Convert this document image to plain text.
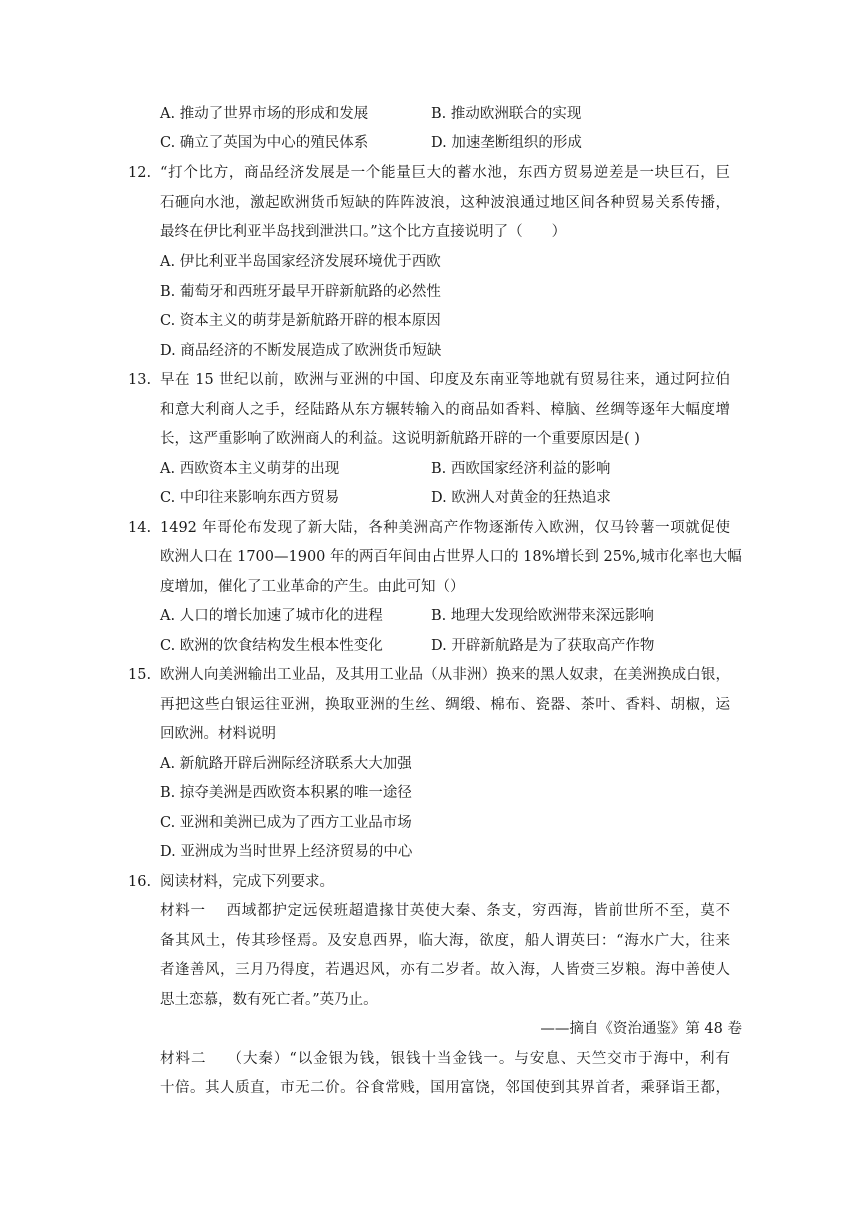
A. 推动了世界市场的形成和发展	B. 推动欧洲联合的实现
C. 确立了英国为中心的殖民体系	D. 加速垄断组织的形成
12. “打个比方，商品经济发展是一个能量巨大的蓄水池，东西方贸易逆差是一块巨石，巨
石砸向水池，激起欧洲货币短缺的阵阵波浪，这种波浪通过地区间各种贸易关系传播，
最终在伊比利亚半岛找到泄洪口。”这个比方直接说明了（　　）
A. 伊比利亚半岛国家经济发展环境优于西欧
B. 葡萄牙和西班牙最早开辟新航路的必然性
C. 资本主义的萌芽是新航路开辟的根本原因
D. 商品经济的不断发展造成了欧洲货币短缺
13. 早在 15 世纪以前，欧洲与亚洲的中国、印度及东南亚等地就有贸易往来，通过阿拉伯
和意大利商人之手，经陆路从东方辗转输入的商品如香料、樟脑、丝绸等逐年大幅度增
长，这严重影响了欧洲商人的利益。这说明新航路开辟的一个重要原因是( )
A. 西欧资本主义萌芽的出现	B. 西欧国家经济利益的影响
C. 中印往来影响东西方贸易	D. 欧洲人对黄金的狂热追求
14. 1492 年哥伦布发现了新大陆，各种美洲高产作物逐渐传入欧洲，仅马铃薯一项就促使
欧洲人口在 1700—1900 年的两百年间由占世界人口的 18%增长到 25%,城市化率也大幅
度增加，催化了工业革命的产生。由此可知（）
A. 人口的增长加速了城市化的进程	B. 地理大发现给欧洲带来深远影响
C. 欧洲的饮食结构发生根本性变化	D. 开辟新航路是为了获取高产作物
15. 欧洲人向美洲输出工业品，及其用工业品（从非洲）换来的黑人奴隶，在美洲换成白银，
再把这些白银运往亚洲，换取亚洲的生丝、绸缎、棉布、瓷器、茶叶、香料、胡椒，运
回欧洲。材料说明
A. 新航路开辟后洲际经济联系大大加强
B. 掠夺美洲是西欧资本积累的唯一途径
C. 亚洲和美洲已成为了西方工业品市场
D. 亚洲成为当时世界上经济贸易的中心
16. 阅读材料，完成下列要求。
材料一　 西域都护定远侯班超遣掾甘英使大秦、条支，穷西海，皆前世所不至，莫不
备其风土，传其珍怪焉。及安息西界，临大海，欲度，船人谓英曰：“海水广大，往来
者逢善风，三月乃得度，若遇迟风，亦有二岁者。故入海，人皆赍三岁粮。海中善使人
思土恋慕，数有死亡者。”英乃止。
——摘自《资治通鉴》第 48 卷
材料二　 （大秦）“以金银为钱，银钱十当金钱一。与安息、天竺交市于海中，利有
十倍。其人质直，市无二价。谷食常贱，国用富饶，邻国使到其界首者，乘驿诣王都，
